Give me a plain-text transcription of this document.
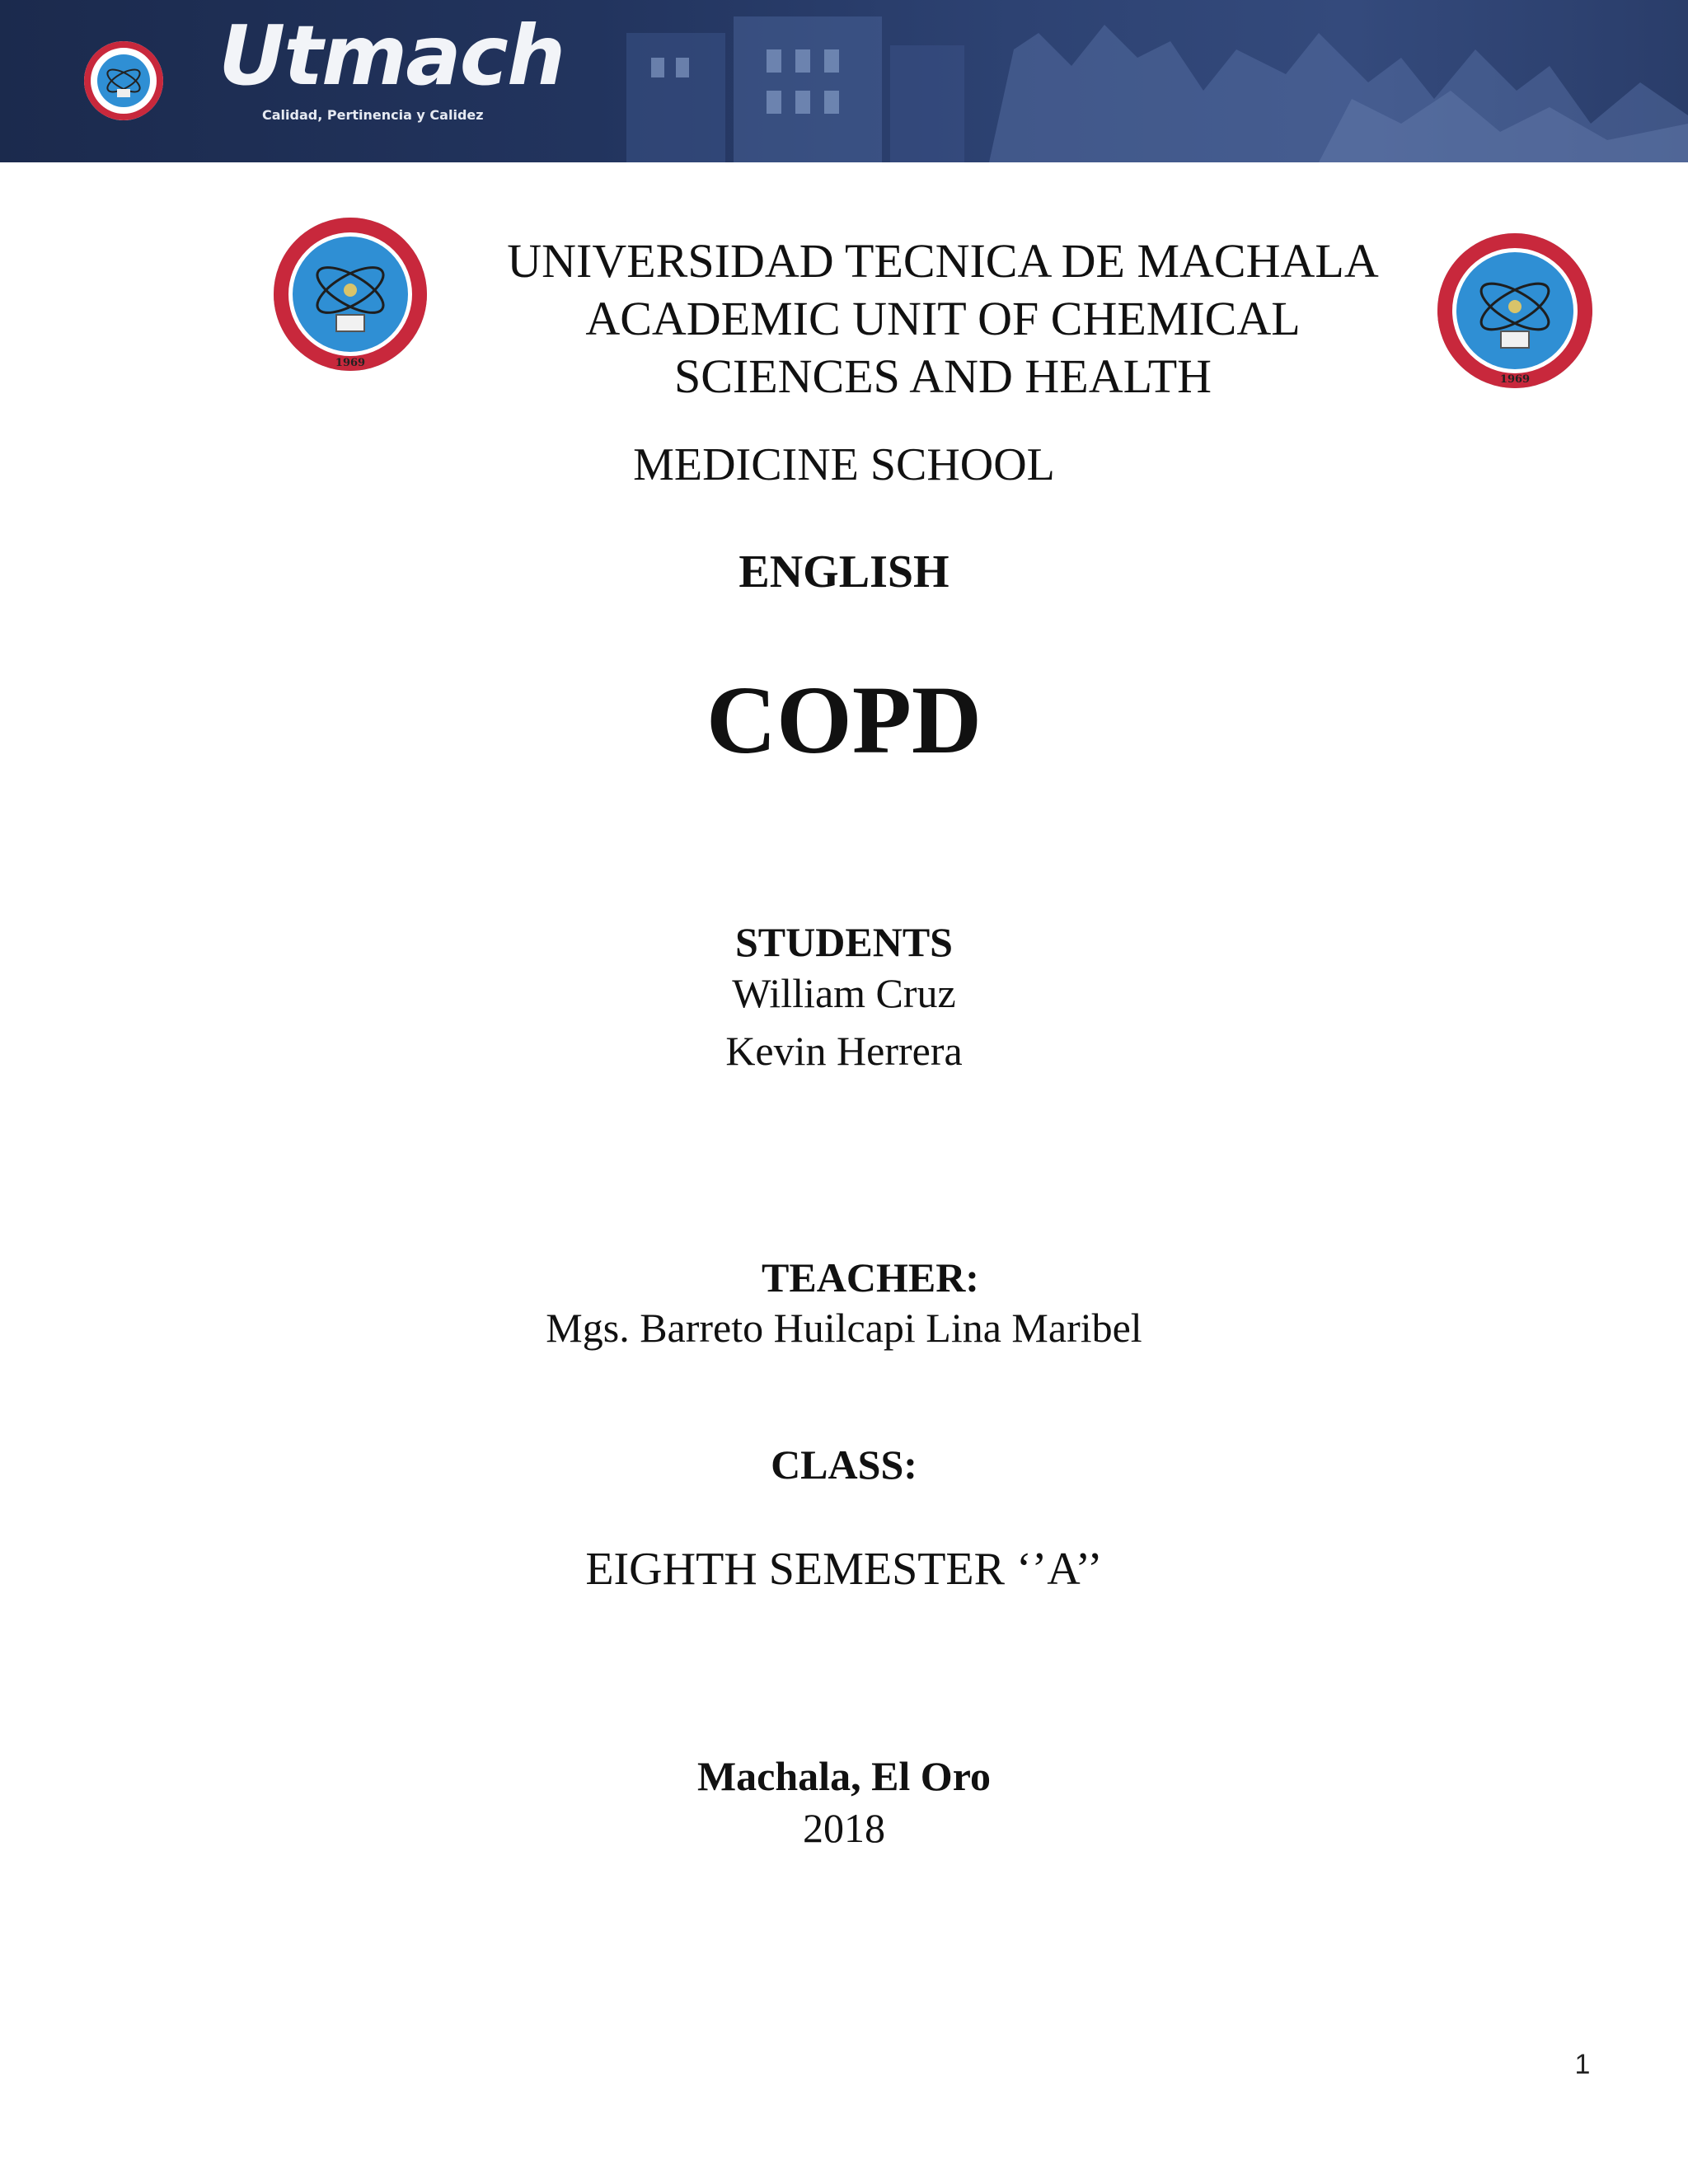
Utmach
Calidad, Pertinencia y Calidez
1969
1969
UNIVERSIDAD TECNICA DE MACHALA
ACADEMIC UNIT OF CHEMICAL
SCIENCES AND HEALTH
MEDICINE SCHOOL
ENGLISH
COPD
STUDENTS
William Cruz
Kevin Herrera
TEACHER:
Mgs. Barreto Huilcapi Lina Maribel
CLASS:
EIGHTH SEMESTER ‘’A’’
Machala, El Oro
2018
1
